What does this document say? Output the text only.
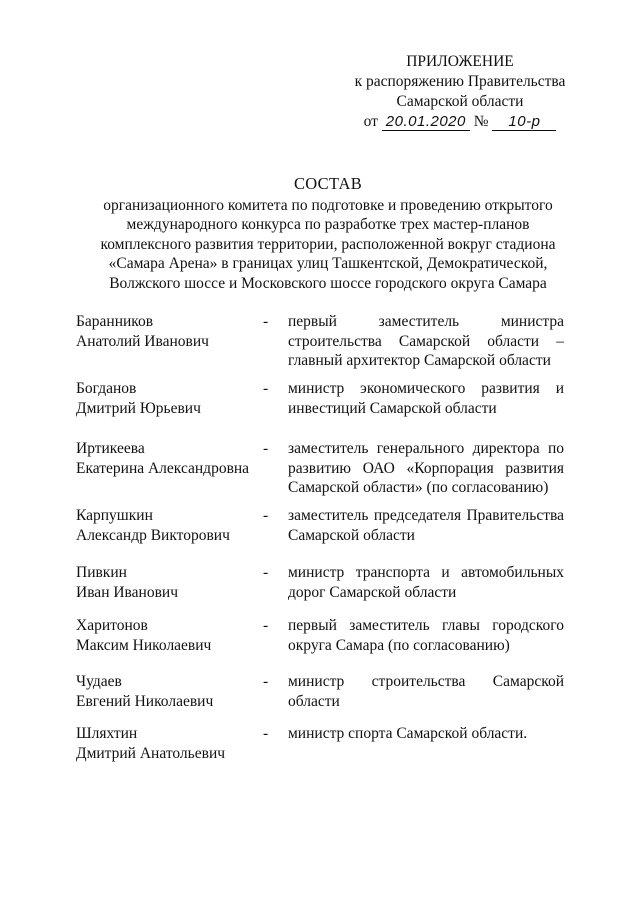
ПРИЛОЖЕНИЕ
к распоряжению Правительства
Самарской области
от 20.01.2020 № 10-р
СОСТАВ
организационного комитета по подготовке и проведению открытого
международного конкурса по разработке трех мастер-планов
комплексного развития территории, расположенной вокруг стадиона
«Самара Арена» в границах улиц Ташкентской, Демократической,
Волжского шоссе и Московского шоссе городского округа Самара
Баранников
Анатолий Иванович
- первый заместитель министра строительства Самарской области – главный архитектор Самарской области
Богданов
Дмитрий Юрьевич
- министр экономического развития и инвестиций Самарской области
Иртикеева
Екатерина Александровна
- заместитель генерального директора по развитию ОАО «Корпорация развития Самарской области» (по согласованию)
Карпушкин
Александр Викторович
- заместитель председателя Правительства Самарской области
Пивкин
Иван Иванович
- министр транспорта и автомобильных дорог Самарской области
Харитонов
Максим Николаевич
- первый заместитель главы городского округа Самара (по согласованию)
Чудаев
Евгений Николаевич
- министр строительства Самарской области
Шляхтин
Дмитрий Анатольевич
- министр спорта Самарской области.
